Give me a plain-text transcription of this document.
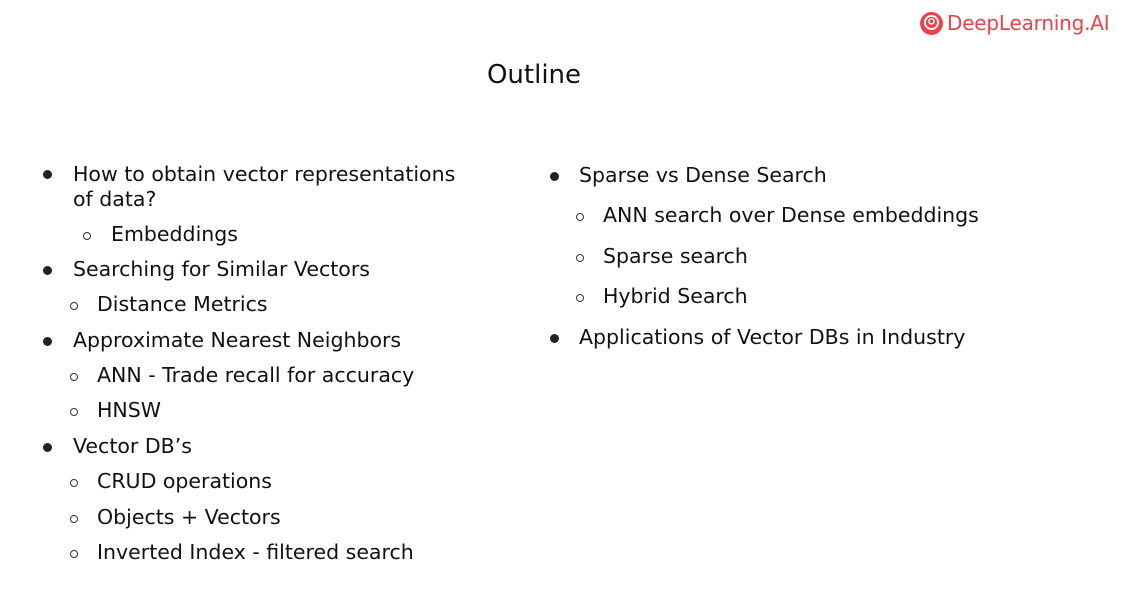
DeepLearning.AI
Outline
How to obtain vector representations
of data?
Embeddings
Searching for Similar Vectors
Distance Metrics
Approximate Nearest Neighbors
ANN - Trade recall for accuracy
HNSW
Vector DB’s
CRUD operations
Objects + Vectors
Inverted Index - filtered search
Sparse vs Dense Search
ANN search over Dense embeddings
Sparse search
Hybrid Search
Applications of Vector DBs in Industry
